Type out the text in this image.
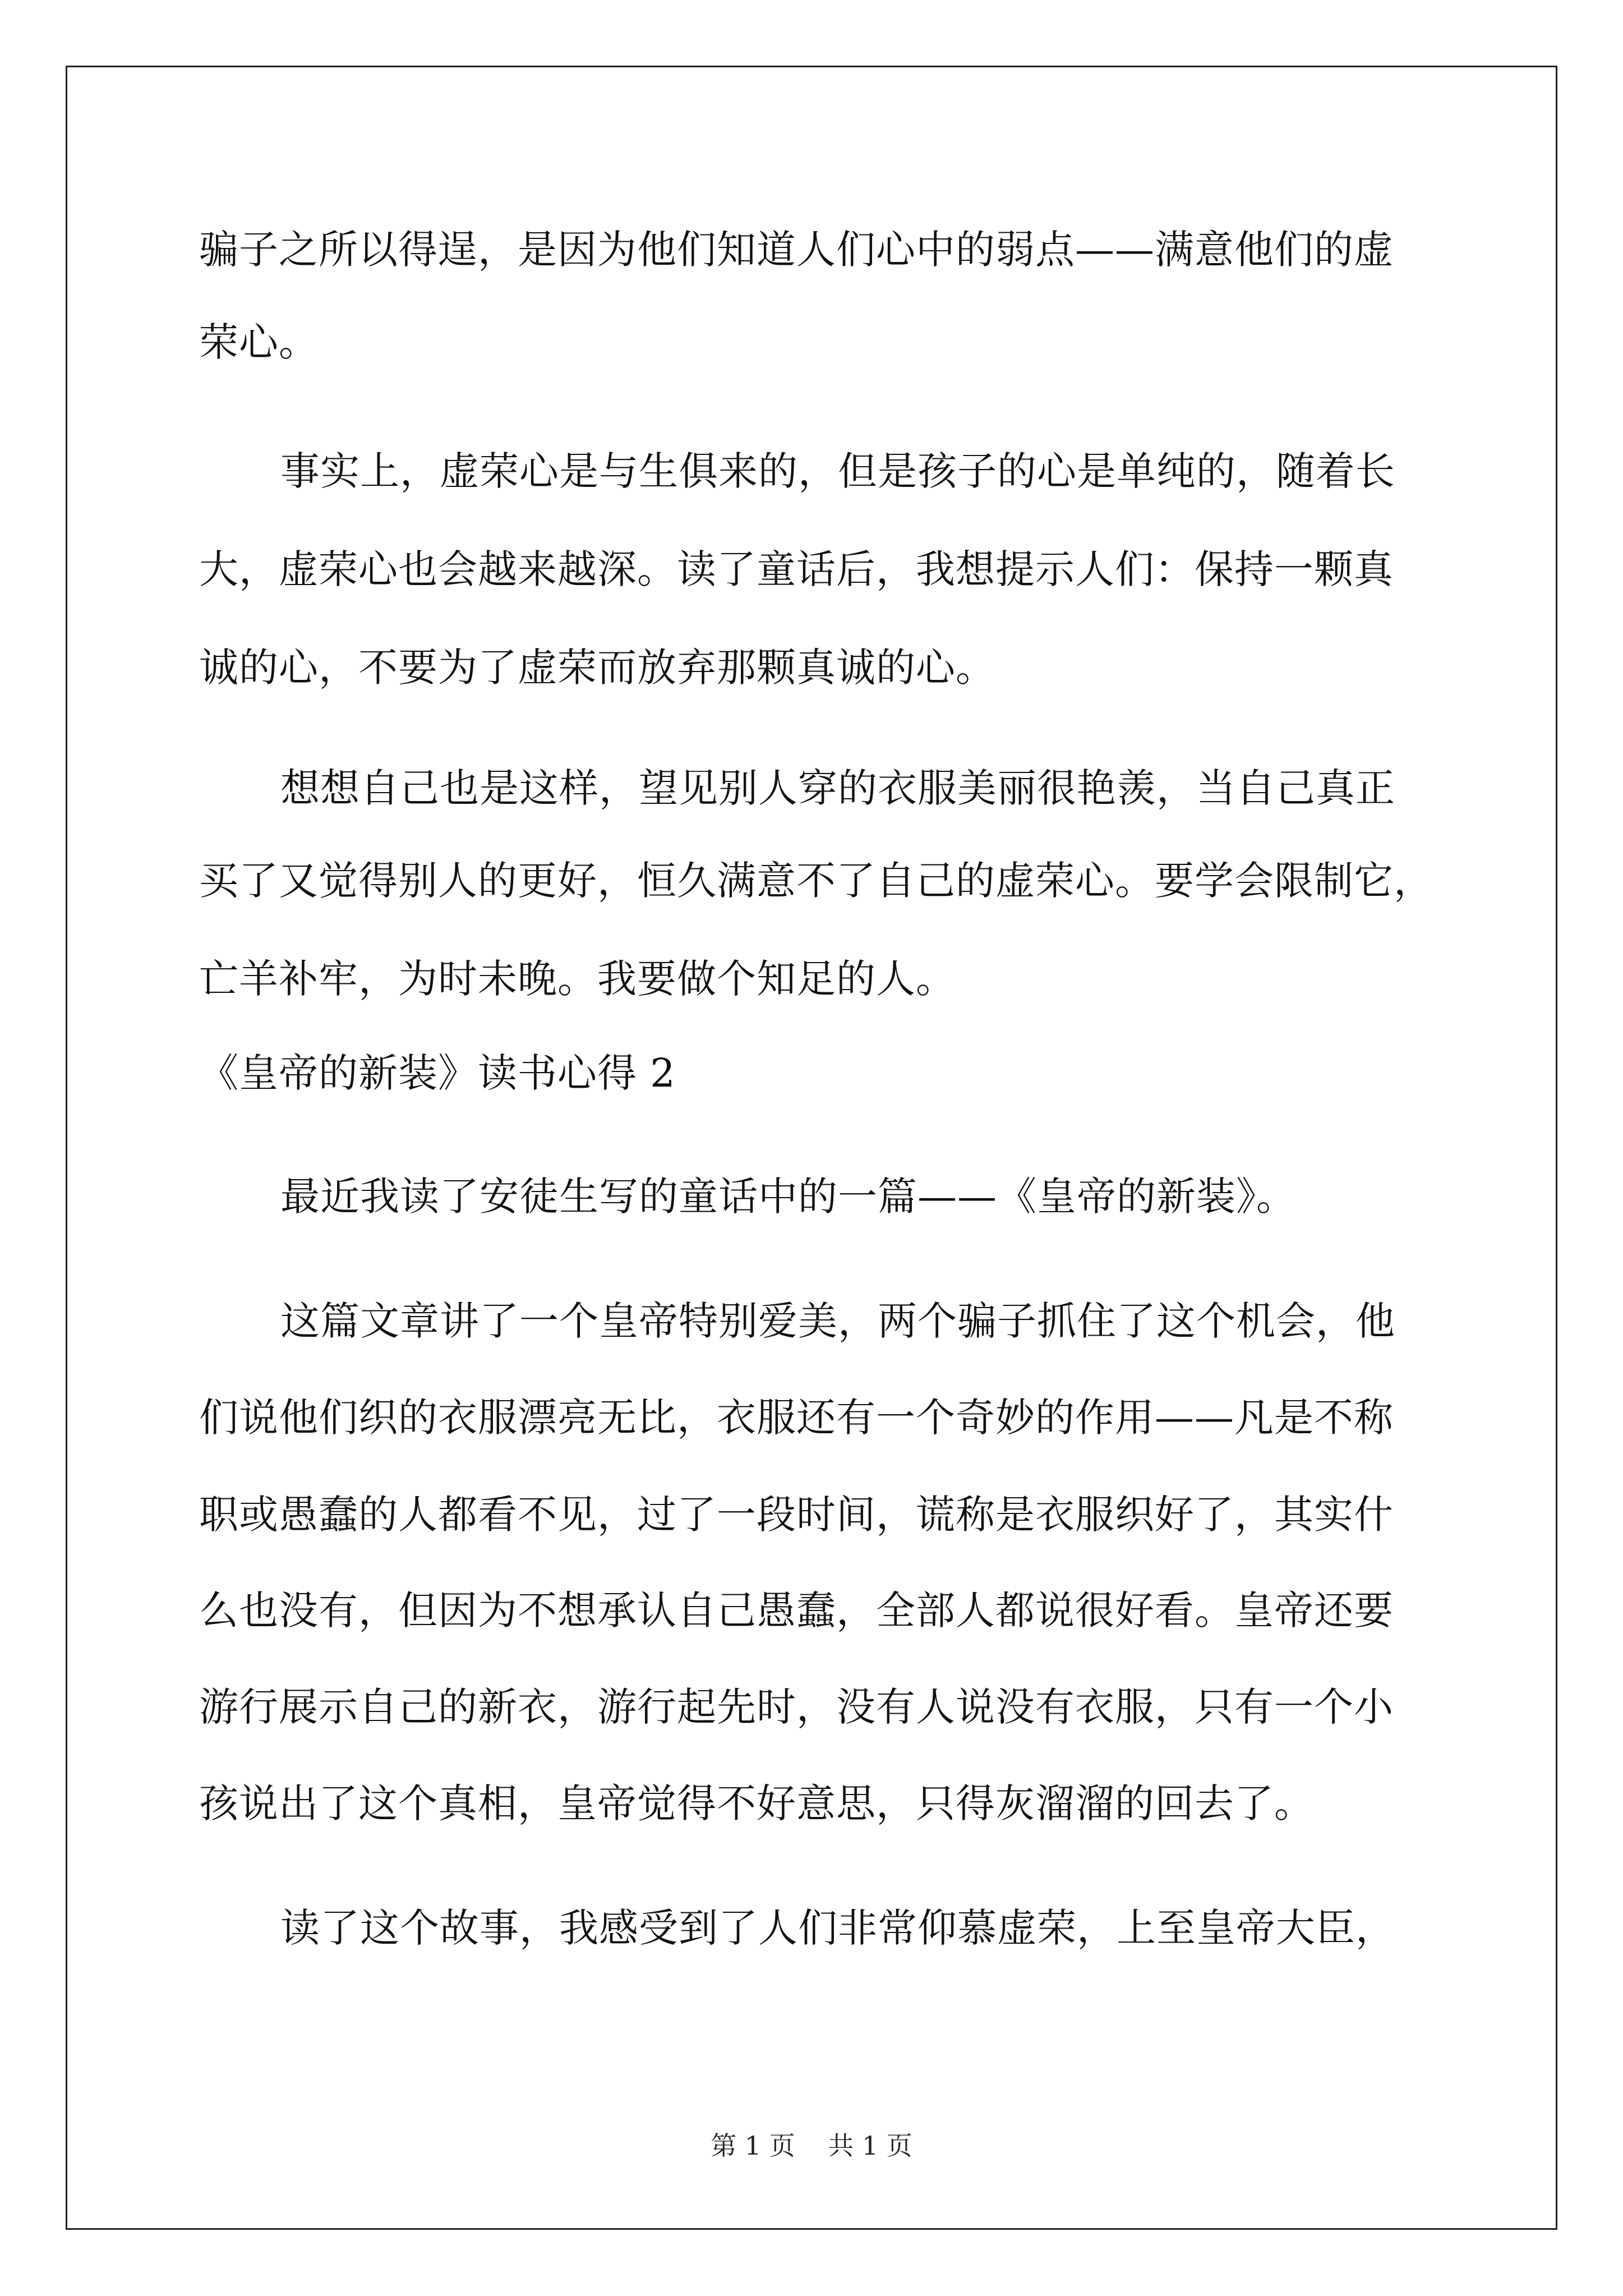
骗子之所以得逞，是因为他们知道人们心中的弱点——满意他们的虚
荣心。
事实上，虚荣心是与生俱来的，但是孩子的心是单纯的，随着长
大，虚荣心也会越来越深。读了童话后，我想提示人们：保持一颗真
诚的心，不要为了虚荣而放弃那颗真诚的心。
想想自己也是这样，望见别人穿的衣服美丽很艳羡，当自己真正
买了又觉得别人的更好，恒久满意不了自己的虚荣心。要学会限制它，
亡羊补牢，为时未晚。我要做个知足的人。
《皇帝的新装》读书心得 2
最近我读了安徒生写的童话中的一篇——《皇帝的新装》。
这篇文章讲了一个皇帝特别爱美，两个骗子抓住了这个机会，他
们说他们织的衣服漂亮无比，衣服还有一个奇妙的作用——凡是不称
职或愚蠢的人都看不见，过了一段时间，谎称是衣服织好了，其实什
么也没有，但因为不想承认自己愚蠢，全部人都说很好看。皇帝还要
游行展示自己的新衣，游行起先时，没有人说没有衣服，只有一个小
孩说出了这个真相，皇帝觉得不好意思，只得灰溜溜的回去了。
读了这个故事，我感受到了人们非常仰慕虚荣，上至皇帝大臣，
第 1 页    共 1 页
